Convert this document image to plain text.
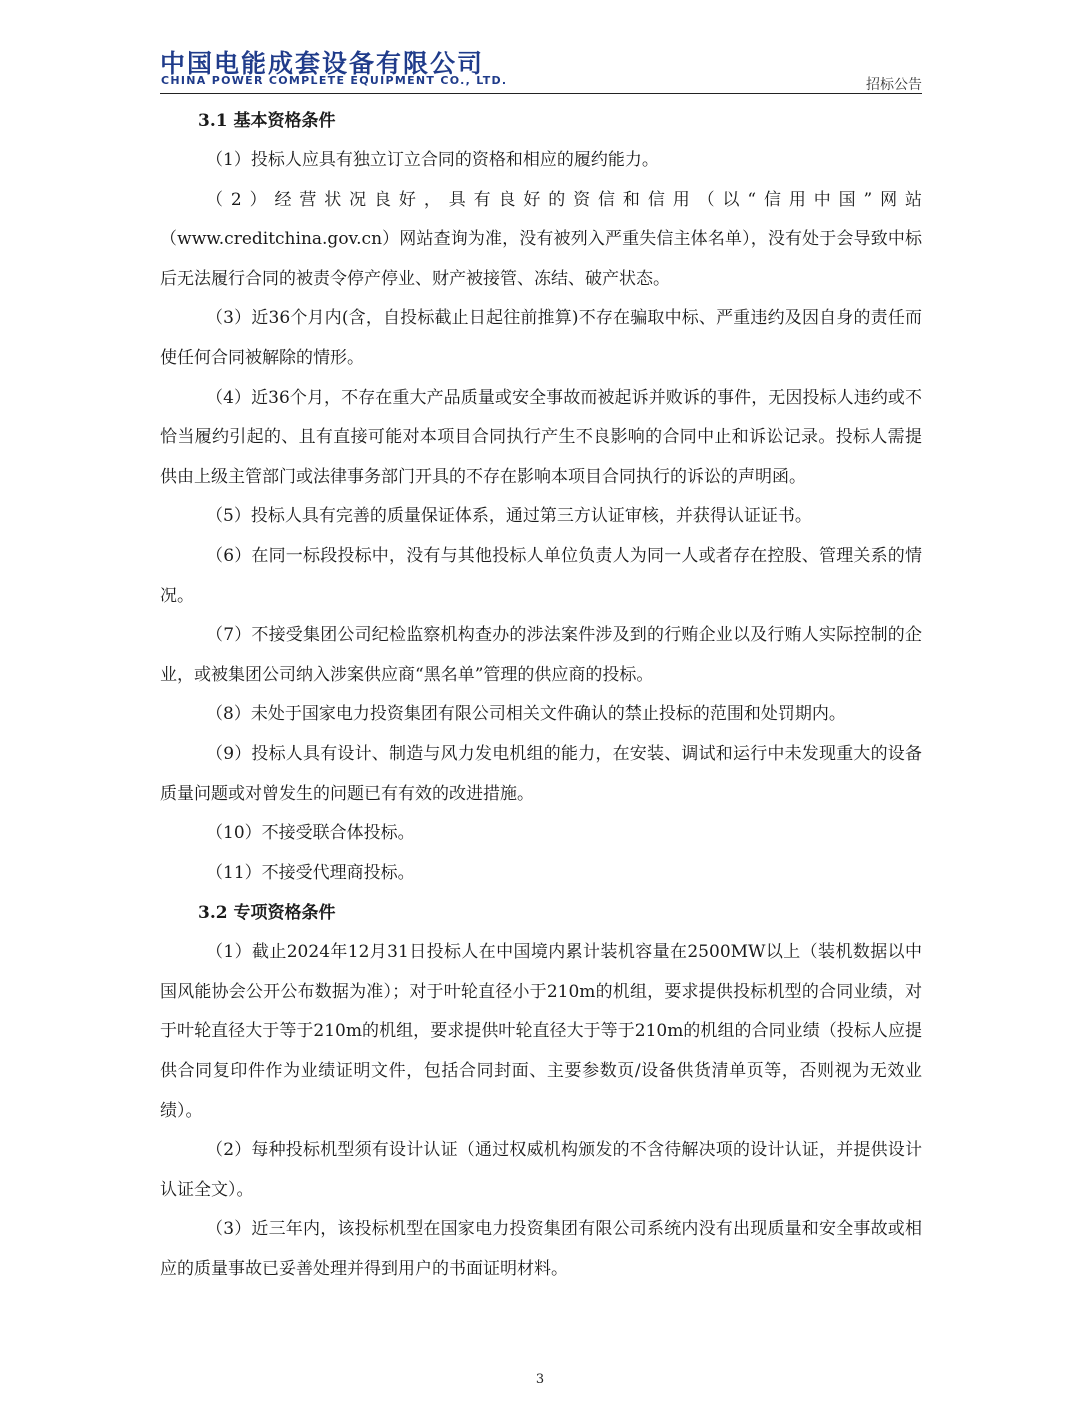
中国电能成套设备有限公司
CHINA POWER COMPLETE EQUIPMENT CO., LTD.	招标公告
3.1 基本资格条件
（1）投标人应具有独立订立合同的资格和相应的履约能力。
（2）经营状况良好，具有良好的资信和信用（以“信用中国”网站（www.creditchina.gov.cn）网站查询为准，没有被列入严重失信主体名单），没有处于会导致中标后无法履行合同的被责令停产停业、财产被接管、冻结、破产状态。
（3）近36个月内(含，自投标截止日起往前推算)不存在骗取中标、严重违约及因自身的责任而使任何合同被解除的情形。
（4）近36个月，不存在重大产品质量或安全事故而被起诉并败诉的事件，无因投标人违约或不恰当履约引起的、且有直接可能对本项目合同执行产生不良影响的合同中止和诉讼记录。投标人需提供由上级主管部门或法律事务部门开具的不存在影响本项目合同执行的诉讼的声明函。
（5）投标人具有完善的质量保证体系，通过第三方认证审核，并获得认证证书。
（6）在同一标段投标中，没有与其他投标人单位负责人为同一人或者存在控股、管理关系的情况。
（7）不接受集团公司纪检监察机构查办的涉法案件涉及到的行贿企业以及行贿人实际控制的企业，或被集团公司纳入涉案供应商“黑名单”管理的供应商的投标。
（8）未处于国家电力投资集团有限公司相关文件确认的禁止投标的范围和处罚期内。
（9）投标人具有设计、制造与风力发电机组的能力，在安装、调试和运行中未发现重大的设备质量问题或对曾发生的问题已有有效的改进措施。
（10）不接受联合体投标。
（11）不接受代理商投标。
3.2 专项资格条件
（1）截止2024年12月31日投标人在中国境内累计装机容量在2500MW以上（装机数据以中国风能协会公开公布数据为准）；对于叶轮直径小于210m的机组，要求提供投标机型的合同业绩，对于叶轮直径大于等于210m的机组，要求提供叶轮直径大于等于210m的机组的合同业绩（投标人应提供合同复印件作为业绩证明文件，包括合同封面、主要参数页/设备供货清单页等，否则视为无效业绩）。
（2）每种投标机型须有设计认证（通过权威机构颁发的不含待解决项的设计认证，并提供设计认证全文）。
（3）近三年内，该投标机型在国家电力投资集团有限公司系统内没有出现质量和安全事故或相应的质量事故已妥善处理并得到用户的书面证明材料。
3
